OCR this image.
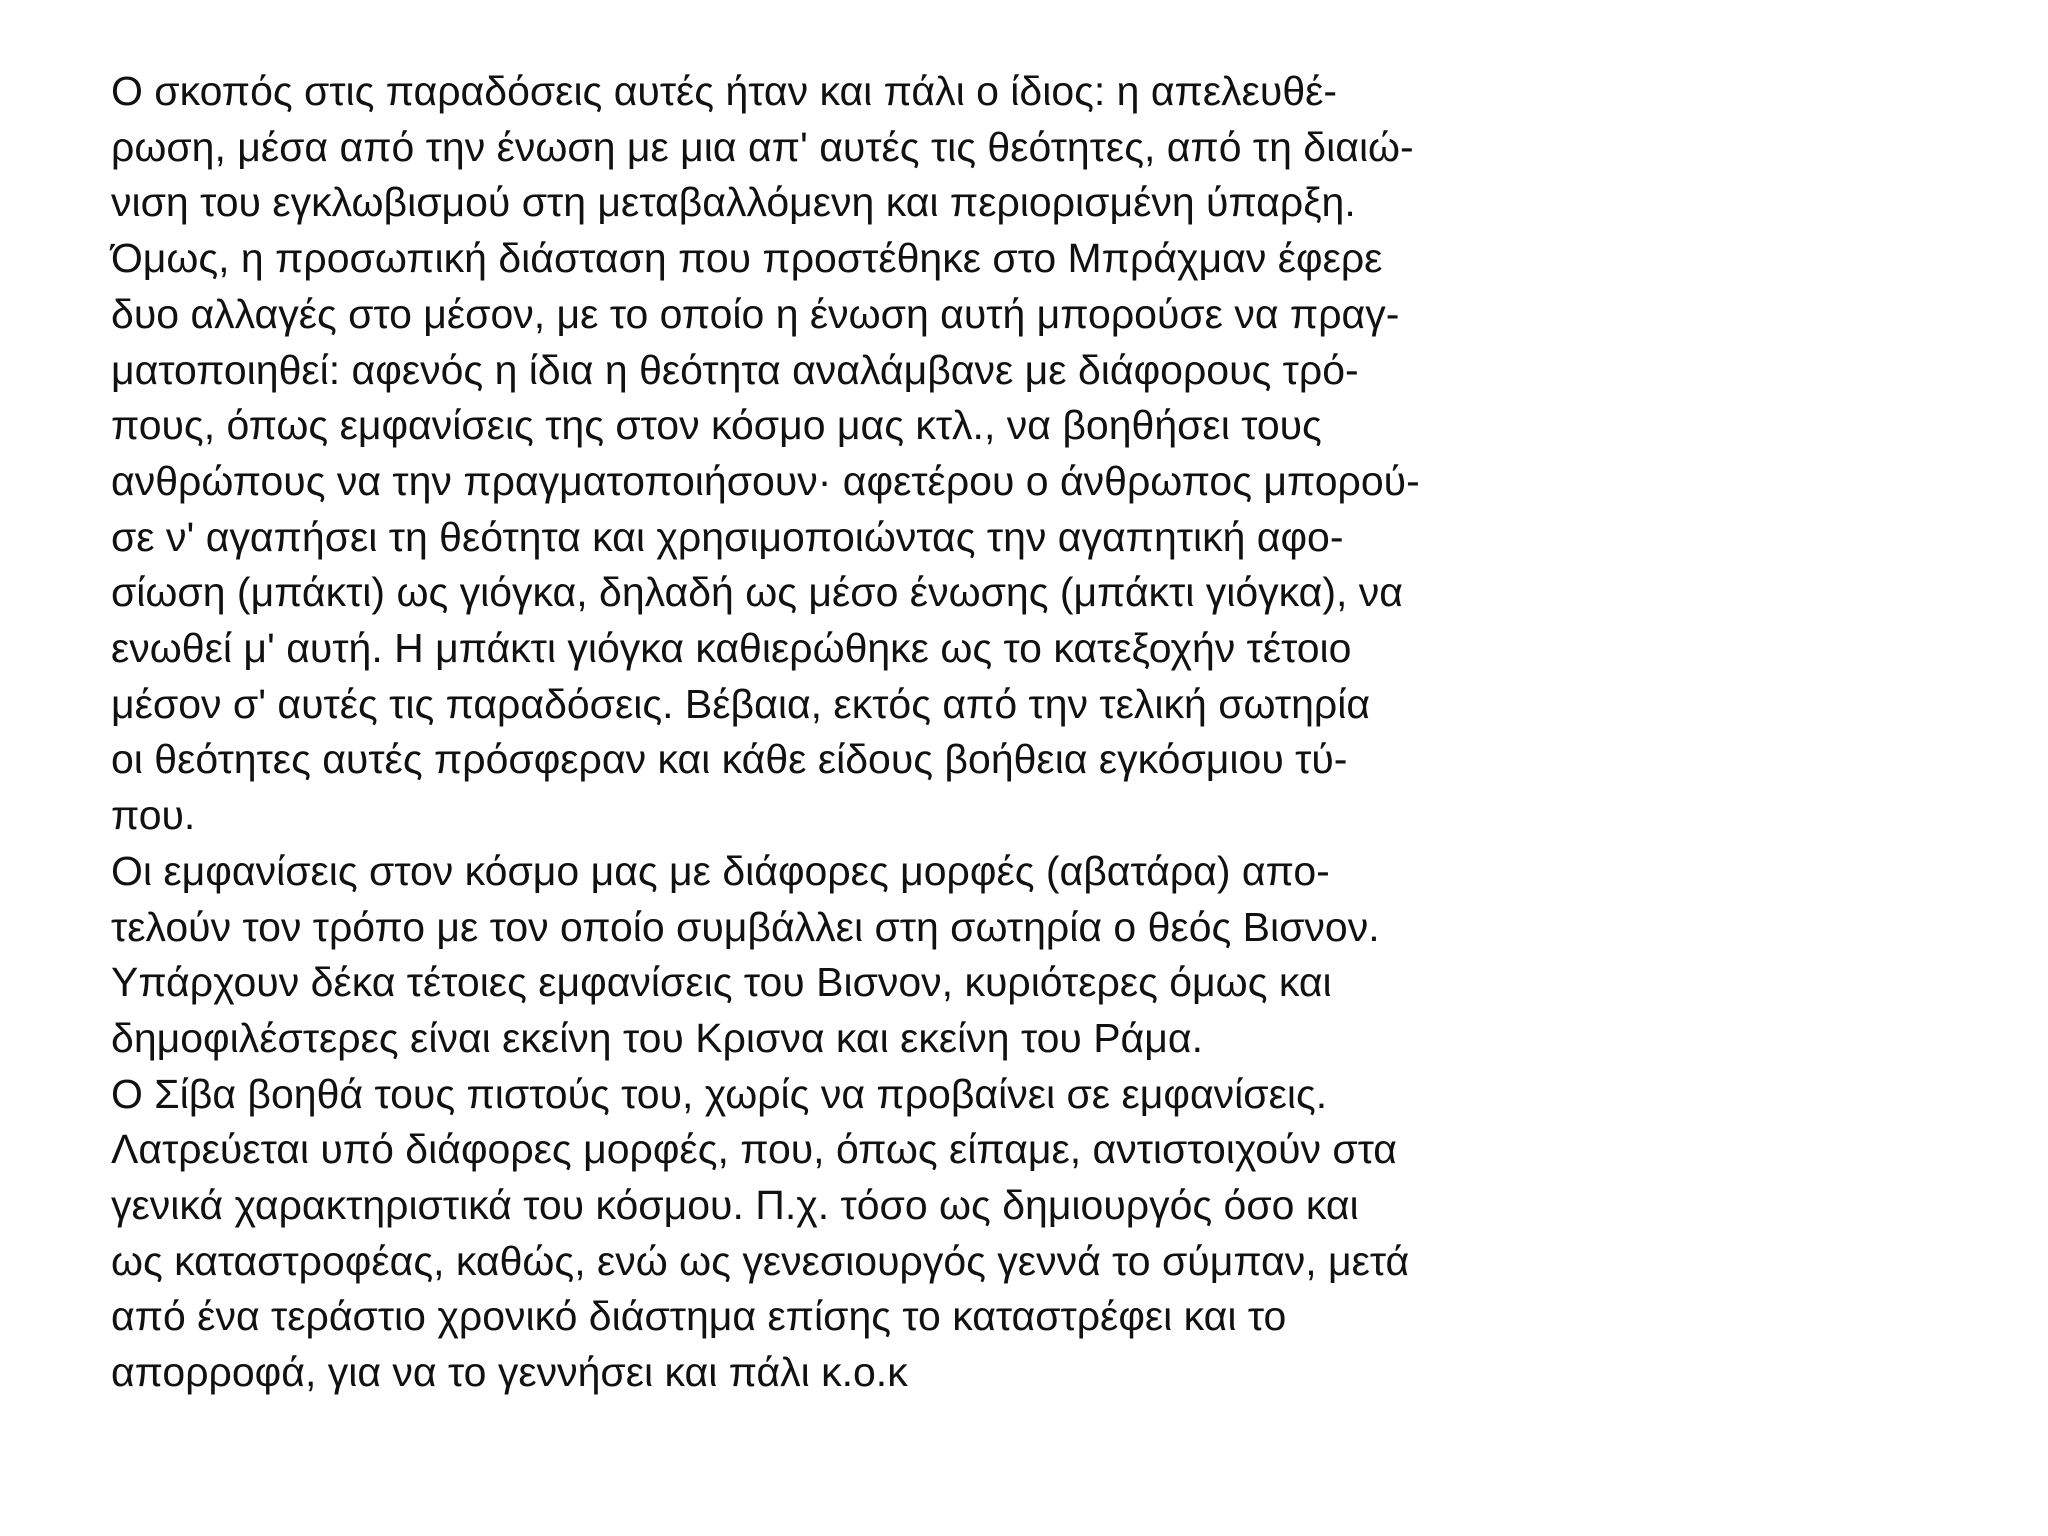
Ο σκοπός στις παραδόσεις αυτές ήταν και πάλι ο ίδιος: η απελευθέ-
ρωση, μέσα από την ένωση με μια απ' αυτές τις θεότητες, από τη διαιώ-
νιση του εγκλωβισμού στη μεταβαλλόμενη και περιορισμένη ύπαρξη.
Όμως, η προσωπική διάσταση που προστέθηκε στο Μπράχμαν έφερε
δυο αλλαγές στο μέσον, με το οποίο η ένωση αυτή μπορούσε να πραγ-
ματοποιηθεί: αφενός η ίδια η θεότητα αναλάμβανε με διάφορους τρό-
πους, όπως εμφανίσεις της στον κόσμο μας κτλ., να βοηθήσει τους
ανθρώπους να την πραγματοποιήσουν· αφετέρου ο άνθρωπος μπορού-
σε ν' αγαπήσει τη θεότητα και χρησιμοποιώντας την αγαπητική αφο-
σίωση (μπάκτι) ως γιόγκα, δηλαδή ως μέσο ένωσης (μπάκτι γιόγκα), να
ενωθεί μ' αυτή. Η μπάκτι γιόγκα καθιερώθηκε ως το κατεξοχήν τέτοιο
μέσον σ' αυτές τις παραδόσεις. Βέβαια, εκτός από την τελική σωτηρία
οι θεότητες αυτές πρόσφεραν και κάθε είδους βοήθεια εγκόσμιου τύ-
που.
Οι εμφανίσεις στον κόσμο μας με διάφορες μορφές (αβατάρα) απο-
τελούν τον τρόπο με τον οποίο συμβάλλει στη σωτηρία ο θεός Βισνον.
Υπάρχουν δέκα τέτοιες εμφανίσεις του Βισνον, κυριότερες όμως και
δημοφιλέστερες είναι εκείνη του Κρισνα και εκείνη του Ράμα.
Ο Σίβα βοηθά τους πιστούς του, χωρίς να προβαίνει σε εμφανίσεις.
Λατρεύεται υπό διάφορες μορφές, που, όπως είπαμε, αντιστοιχούν στα
γενικά χαρακτηριστικά του κόσμου. Π.χ. τόσο ως δημιουργός όσο και
ως καταστροφέας, καθώς, ενώ ως γενεσιουργός γεννά το σύμπαν, μετά
από ένα τεράστιο χρονικό διάστημα επίσης το καταστρέφει και το
απορροφά, για να το γεννήσει και πάλι κ.ο.κ
